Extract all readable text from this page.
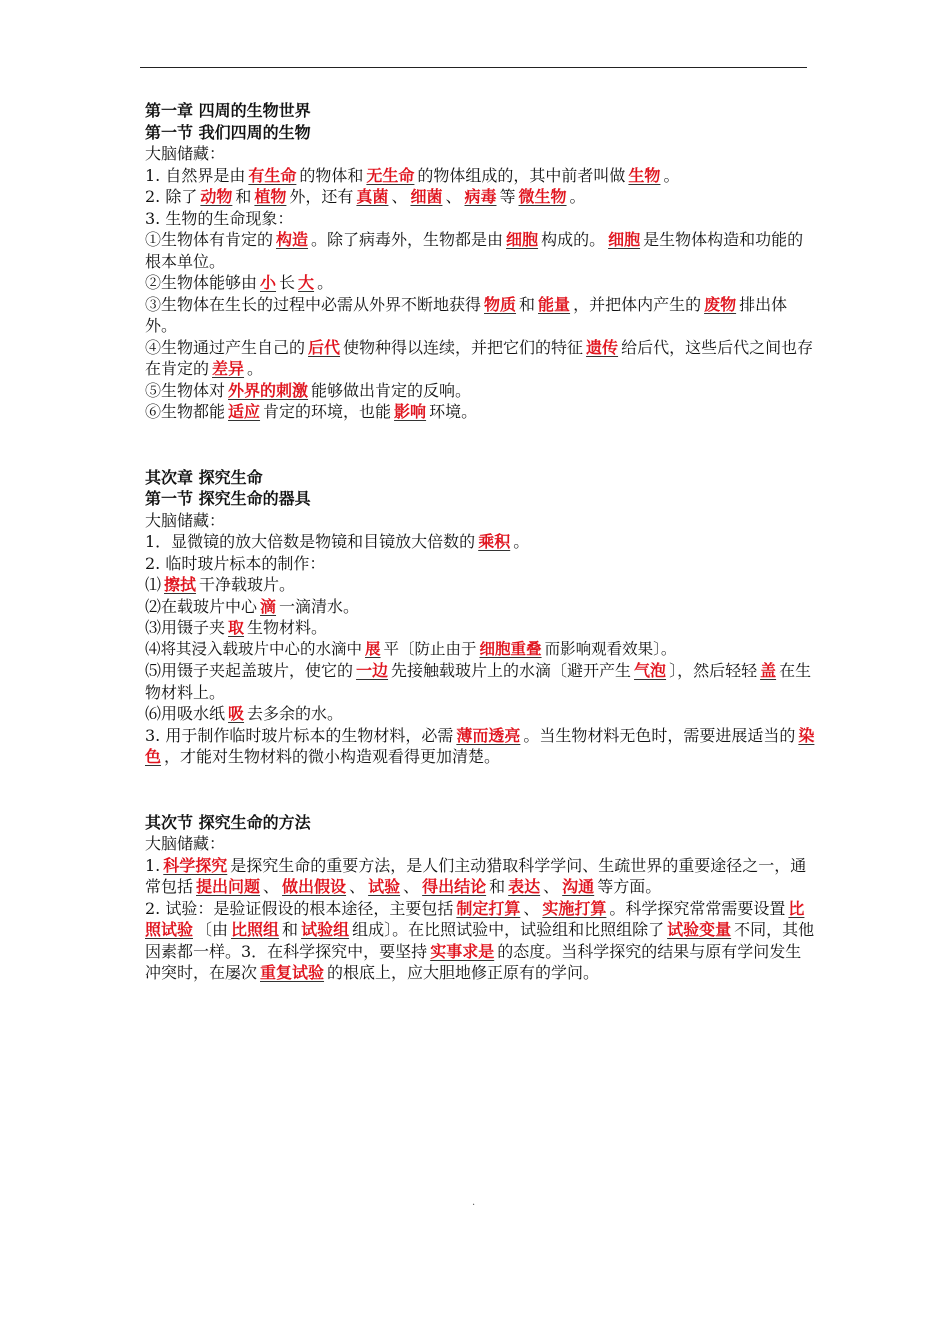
第一章 四周的生物世界
第一节 我们四周的生物
大脑储藏：
1. 自然界是由 有生命 的物体和 无生命 的物体组成的，其中前者叫做 生物 。
2. 除了 动物 和 植物 外，还有 真菌 、 细菌 、 病毒 等 微生物 。
3. 生物的生命现象：
①生物体有肯定的 构造 。除了病毒外，生物都是由 细胞 构成的。 细胞 是生物体构造和功能的根本单位。
②生物体能够由 小 长 大 。
③生物体在生长的过程中必需从外界不断地获得 物质 和 能量 ，并把体内产生的 废物 排出体外。
④生物通过产生自己的 后代 使物种得以连续，并把它们的特征 遗传 给后代，这些后代之间也存在肯定的 差异 。
⑤生物体对 外界的刺激 能够做出肯定的反响。
⑥生物都能 适应 肯定的环境，也能 影响 环境。
其次章 探究生命
第一节 探究生命的器具
大脑储藏：
1．显微镜的放大倍数是物镜和目镜放大倍数的 乘积 。
2. 临时玻片标本的制作：
⑴ 擦拭 干净载玻片。
⑵在载玻片中心 滴 一滴清水。
⑶用镊子夹 取 生物材料。
⑷将其浸入载玻片中心的水滴中 展 平〔防止由于 细胞重叠 而影响观看效果〕。
⑸用镊子夹起盖玻片，使它的 一边 先接触载玻片上的水滴〔避开产生 气泡 〕，然后轻轻 盖 在生物材料上。
⑹用吸水纸 吸 去多余的水。
3. 用于制作临时玻片标本的生物材料，必需 薄而透亮 。当生物材料无色时，需要进展适当的 染色 ，才能对生物材料的微小构造观看得更加清楚。
其次节 探究生命的方法
大脑储藏：
1. 科学探究 是探究生命的重要方法，是人们主动猎取科学学问、生疏世界的重要途径之一，通常包括 提出问题 、 做出假设 、 试验 、 得出结论 和 表达 、 沟通 等方面。
2. 试验：是验证假设的根本途径，主要包括 制定打算 、 实施打算 。科学探究常常需要设置 比照试验 〔由 比照组 和 试验组 组成〕。在比照试验中，试验组和比照组除了 试验变量 不同，其他因素都一样。3．在科学探究中，要坚持 实事求是 的态度。当科学探究的结果与原有学问发生冲突时，在屡次 重复试验 的根底上，应大胆地修正原有的学问。
.
